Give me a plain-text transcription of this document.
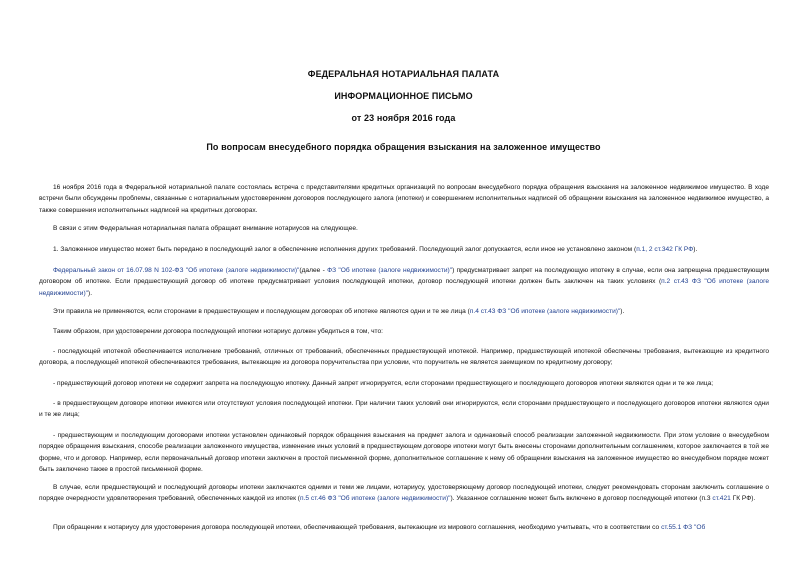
ФЕДЕРАЛЬНАЯ НОТАРИАЛЬНАЯ ПАЛАТА
ИНФОРМАЦИОННОЕ ПИСЬМО
от 23 ноября 2016 года
По вопросам внесудебного порядка обращения взыскания на заложенное имущество

16 ноября 2016 года в Федеральной нотариальной палате состоялась встреча с представителями кредитных организаций по вопросам внесудебного порядка обращения взыскания на заложенное недвижимое имущество. В ходе встречи были обсуждены проблемы, связанные с нотариальным удостоверением договоров последующего залога (ипотеки) и совершением исполнительных надписей об обращении взыскания на заложенное недвижимое имущество, а также совершения исполнительных надписей на кредитных договорах.

В связи с этим Федеральная нотариальная палата обращает внимание нотариусов на следующее.

1. Заложенное имущество может быть передано в последующий залог в обеспечение исполнения других требований. Последующий залог допускается, если иное не установлено законом (п.1, 2 ст.342 ГК РФ).

Федеральный закон от 16.07.98 N 102-ФЗ "Об ипотеке (залоге недвижимости)"(далее - ФЗ "Об ипотеке (залоге недвижимости)") предусматривает запрет на последующую ипотеку в случае, если она запрещена предшествующим договором об ипотеке. Если предшествующий договор об ипотеке предусматривает условия последующей ипотеки, договор последующей ипотеки должен быть заключен на таких условиях (п.2 ст.43 ФЗ "Об ипотеке (залоге недвижимости)").

Эти правила не применяются, если сторонами в предшествующем и последующем договорах об ипотеке являются одни и те же лица (п.4 ст.43 ФЗ "Об ипотеке (залоге недвижимости)").

Таким образом, при удостоверении договора последующей ипотеки нотариус должен убедиться в том, что:

- последующей ипотекой обеспечивается исполнение требований, отличных от требований, обеспеченных предшествующей ипотекой. Например, предшествующей ипотекой обеспечены требования, вытекающие из кредитного договора, а последующей ипотекой обеспечиваются требования, вытекающие из договора поручительства при условии, что поручитель не является заемщиком по кредитному договору;

- предшествующий договор ипотеки не содержит запрета на последующую ипотеку. Данный запрет игнорируется, если сторонами предшествующего и последующего договоров ипотеки являются одни и те же лица;

- в предшествующем договоре ипотеки имеются или отсутствуют условия последующей ипотеки. При наличии таких условий они игнорируются, если сторонами предшествующего и последующего договоров ипотеки являются одни и те же лица;

- предшествующим и последующим договорами ипотеки установлен одинаковый порядок обращения взыскания на предмет залога и одинаковый способ реализации заложенной недвижимости. При этом условие о внесудебном порядке обращения взыскания, способе реализации заложенного имущества, изменение иных условий в предшествующем договоре ипотеки могут быть внесены сторонами дополнительным соглашением, которое заключается в той же форме, что и договор. Например, если первоначальный договор ипотеки заключен в простой письменной форме, дополнительное соглашение к нему об обращении взыскания на заложенное имущество во внесудебном порядке может быть заключено также в простой письменной форме.

В случае, если предшествующий и последующий договоры ипотеки заключаются одними и теми же лицами, нотариусу, удостоверяющему договор последующей ипотеки, следует рекомендовать сторонам заключить соглашение о порядке очередности удовлетворения требований, обеспеченных каждой из ипотек (п.5 ст.46 ФЗ "Об ипотеке (залоге недвижимости)"). Указанное соглашение может быть включено в договор последующей ипотеки (п.3 ст.421 ГК РФ).

При обращении к нотариусу для удостоверения договора последующей ипотеки, обеспечивающей требования, вытекающие из мирового соглашения, необходимо учитывать, что в соответствии со ст.55.1 ФЗ "Об
